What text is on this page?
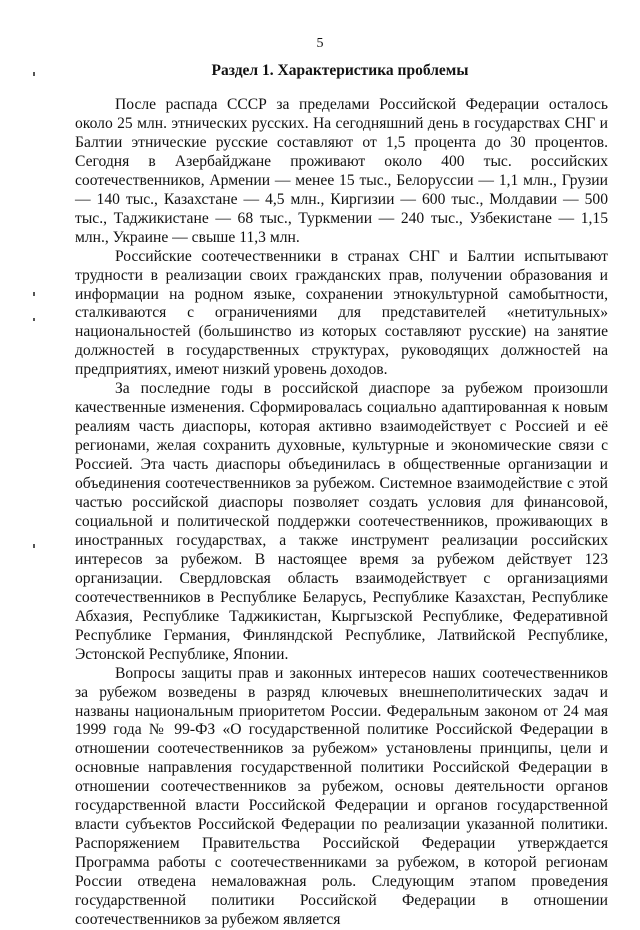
5
Раздел 1. Характеристика проблемы

После распада СССР за пределами Российской Федерации осталось около 25 млн. этнических русских. На сегодняшний день в государствах СНГ и Балтии этнические русские составляют от 1,5 процента до 30 процентов. Сегодня в Азербайджане проживают около 400 тыс. российских соотечественников, Армении — менее 15 тыс., Белоруссии — 1,1 млн., Грузии — 140 тыс., Казахстане — 4,5 млн., Киргизии — 600 тыс., Молдавии — 500 тыс., Таджикистане — 68 тыс., Туркмении — 240 тыс., Узбекистане — 1,15 млн., Украине — свыше 11,3 млн.

Российские соотечественники в странах СНГ и Балтии испытывают трудности в реализации своих гражданских прав, получении образования и информации на родном языке, сохранении этнокультурной самобытности, сталкиваются с ограничениями для представителей «нетитульных» национальностей (большинство из которых составляют русские) на занятие должностей в государственных структурах, руководящих должностей на предприятиях, имеют низкий уровень доходов.

За последние годы в российской диаспоре за рубежом произошли качественные изменения. Сформировалась социально адаптированная к новым реалиям часть диаспоры, которая активно взаимодействует с Россией и её регионами, желая сохранить духовные, культурные и экономические связи с Россией. Эта часть диаспоры объединилась в общественные организации и объединения соотечественников за рубежом. Системное взаимодействие с этой частью российской диаспоры позволяет создать условия для финансовой, социальной и политической поддержки соотечественников, проживающих в иностранных государствах, а также инструмент реализации российских интересов за рубежом. В настоящее время за рубежом действует 123 организации. Свердловская область взаимодействует с организациями соотечественников в Республике Беларусь, Республике Казахстан, Республике Абхазия, Республике Таджикистан, Кыргызской Республике, Федеративной Республике Германия, Финляндской Республике, Латвийской Республике, Эстонской Республике, Японии.

Вопросы защиты прав и законных интересов наших соотечественников за рубежом возведены в разряд ключевых внешнеполитических задач и названы национальным приоритетом России. Федеральным законом от 24 мая 1999 года № 99-ФЗ «О государственной политике Российской Федерации в отношении соотечественников за рубежом» установлены принципы, цели и основные направления государственной политики Российской Федерации в отношении соотечественников за рубежом, основы деятельности органов государственной власти Российской Федерации и органов государственной власти субъектов Российской Федерации по реализации указанной политики. Распоряжением Правительства Российской Федерации утверждается Программа работы с соотечественниками за рубежом, в которой регионам России отведена немаловажная роль. Следующим этапом проведения государственной политики Российской Федерации в отношении соотечественников за рубежом является
